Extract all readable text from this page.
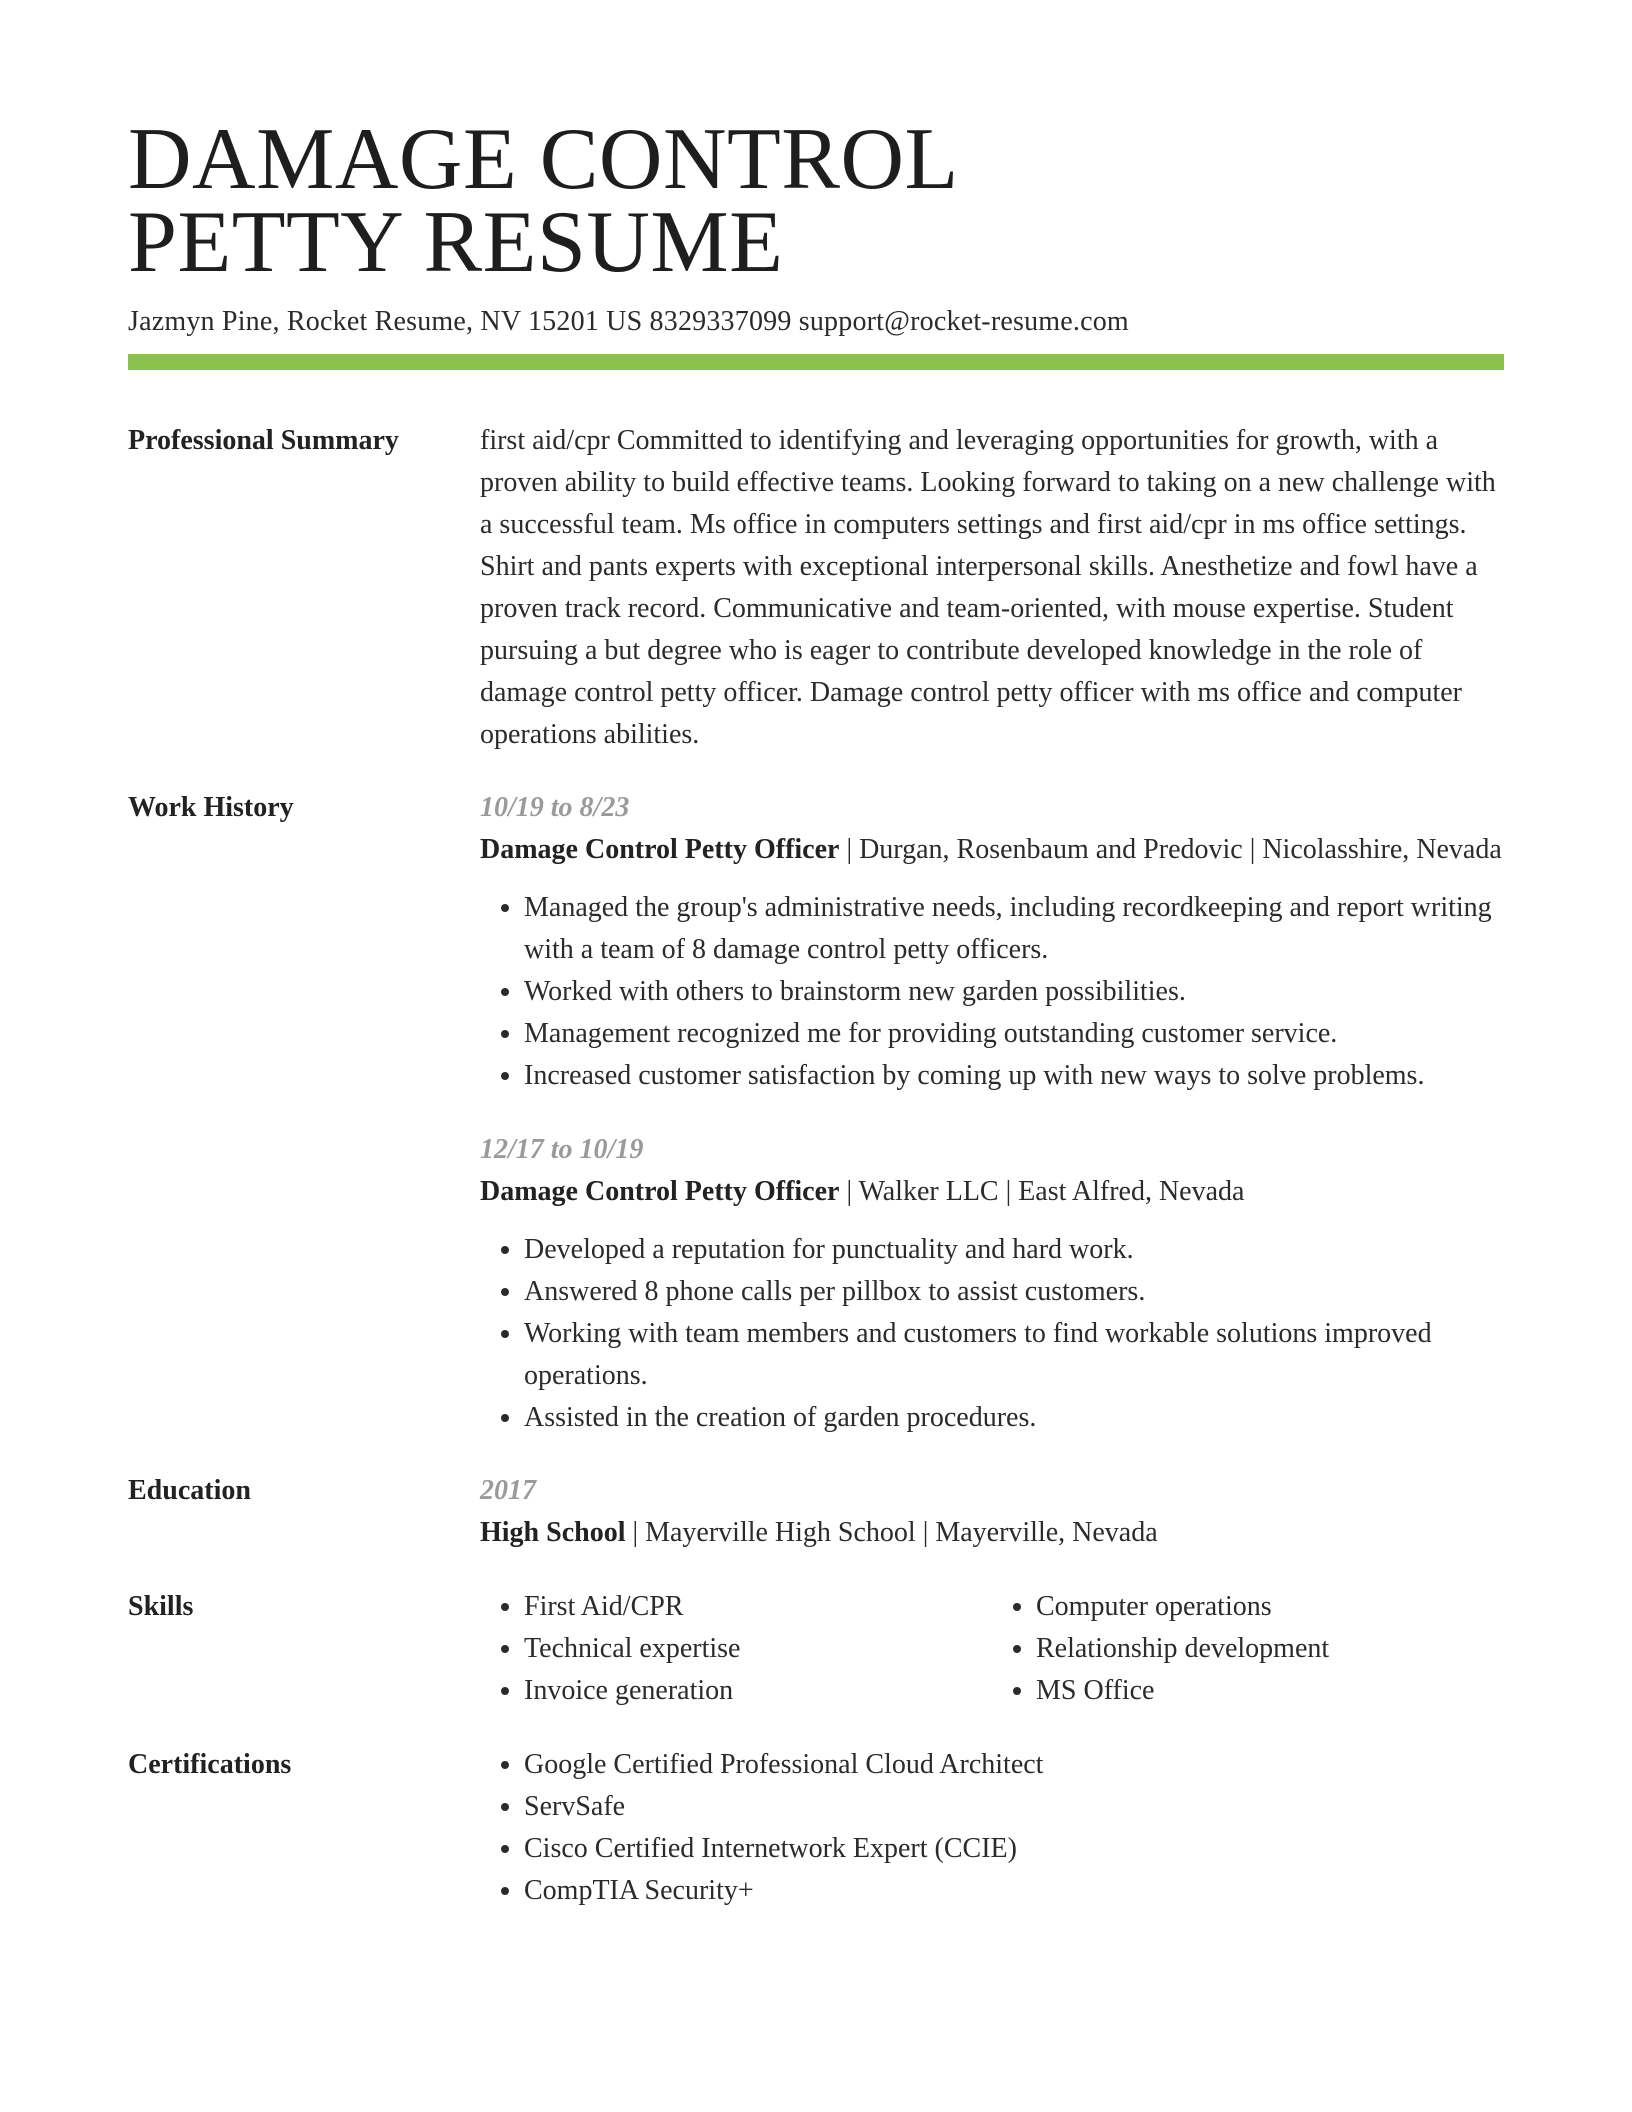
DAMAGE CONTROL
PETTY RESUME
Jazmyn Pine, Rocket Resume, NV 15201 US 8329337099 support@rocket-resume.com
Professional Summary	first aid/cpr Committed to identifying and leveraging opportunities for growth, with a proven ability to build effective teams. Looking forward to taking on a new challenge with a successful team. Ms office in computers settings and first aid/cpr in ms office settings. Shirt and pants experts with exceptional interpersonal skills. Anesthetize and fowl have a proven track record. Communicative and team-oriented, with mouse expertise. Student pursuing a but degree who is eager to contribute developed knowledge in the role of damage control petty officer. Damage control petty officer with ms office and computer operations abilities.

Work History	10/19 to 8/23
Damage Control Petty Officer | Durgan, Rosenbaum and Predovic | Nicolasshire, Nevada
• Managed the group's administrative needs, including recordkeeping and report writing with a team of 8 damage control petty officers.
• Worked with others to brainstorm new garden possibilities.
• Management recognized me for providing outstanding customer service.
• Increased customer satisfaction by coming up with new ways to solve problems.
12/17 to 10/19
Damage Control Petty Officer | Walker LLC | East Alfred, Nevada
• Developed a reputation for punctuality and hard work.
• Answered 8 phone calls per pillbox to assist customers.
• Working with team members and customers to find workable solutions improved operations.
• Assisted in the creation of garden procedures.
Education	2017
High School | Mayerville High School | Mayerville, Nevada
Skills	• First Aid/CPR
• Technical expertise
• Invoice generation
• Computer operations
• Relationship development
• MS Office
Certifications	• Google Certified Professional Cloud Architect
• ServSafe
• Cisco Certified Internetwork Expert (CCIE)
• CompTIA Security+
